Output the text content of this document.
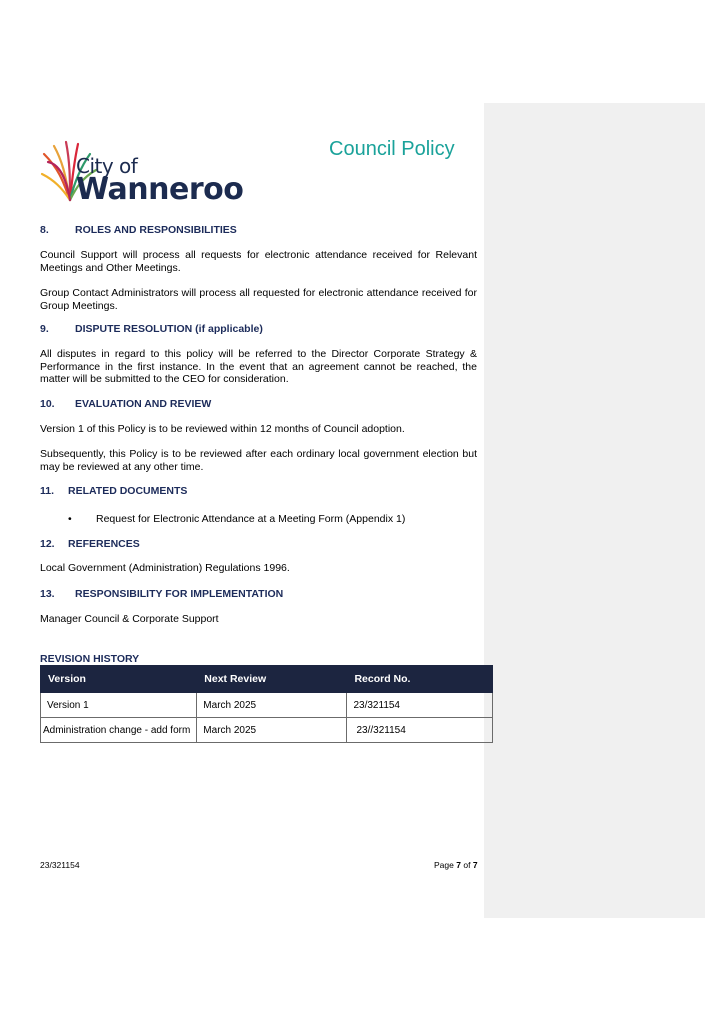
City of
Wanneroo
Council Policy
8. ROLES AND RESPONSIBILITIES
Council Support will process all requests for electronic attendance received for Relevant Meetings and Other Meetings.
Group Contact Administrators will process all requested for electronic attendance received for Group Meetings.
9. DISPUTE RESOLUTION (if applicable)
All disputes in regard to this policy will be referred to the Director Corporate Strategy & Performance in the first instance. In the event that an agreement cannot be reached, the matter will be submitted to the CEO for consideration.
10. EVALUATION AND REVIEW
Version 1 of this Policy is to be reviewed within 12 months of Council adoption.
Subsequently, this Policy is to be reviewed after each ordinary local government election but may be reviewed at any other time.
11. RELATED DOCUMENTS
• Request for Electronic Attendance at a Meeting Form (Appendix 1)
12. REFERENCES
Local Government (Administration) Regulations 1996.
13. RESPONSIBILITY FOR IMPLEMENTATION
Manager Council & Corporate Support
REVISION HISTORY
Version	Next Review	Record No.
Version 1	March 2025	23/321154
Administration change - add form	March 2025	23//321154
23/321154	Page 7 of 7
